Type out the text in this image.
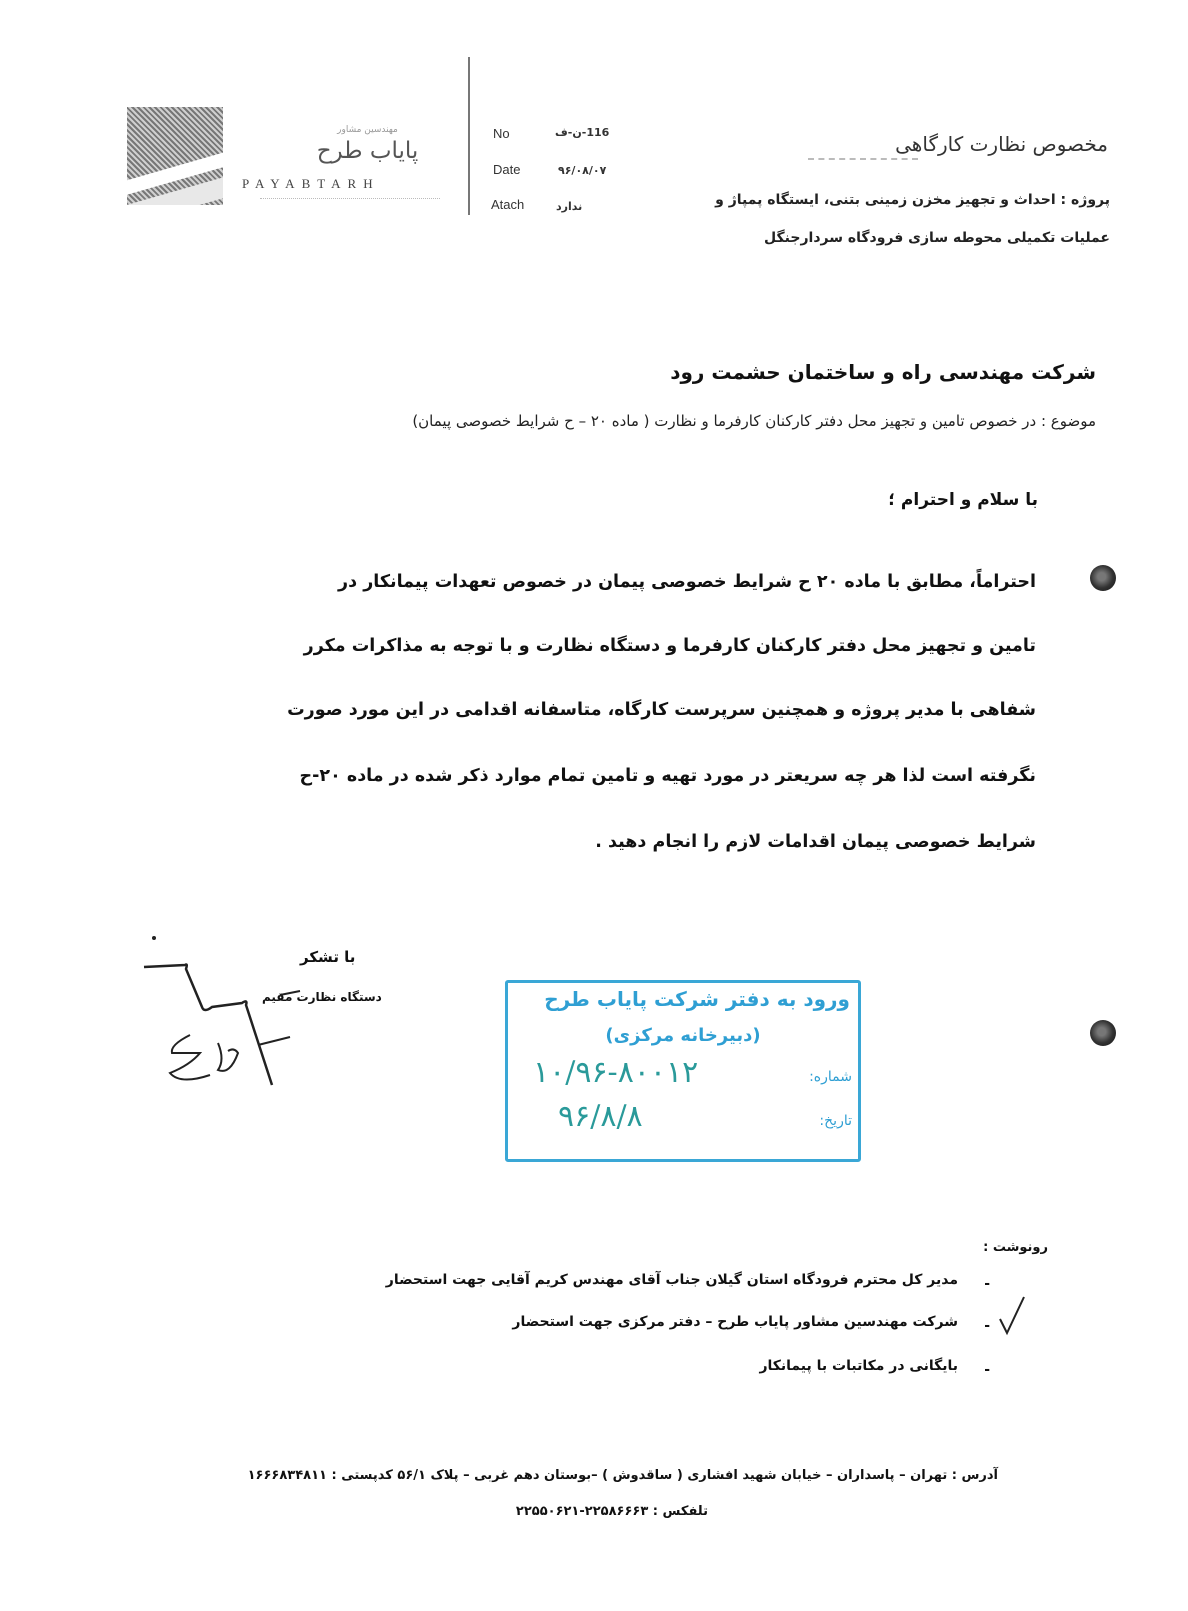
مهندسین مشاور
پایاب طرح
PAYABTARH
No	116-ن-ف
Date	۹۶/۰۸/۰۷
Atach	ندارد
مخصوص نظارت کارگاهی
پروژه : احداث و تجهیز مخزن زمینی بتنی، ایستگاه پمپاژ و
عملیات تکمیلی محوطه سازی فرودگاه سردارجنگل
شرکت مهندسی راه و ساختمان حشمت رود
موضوع : در خصوص تامین و تجهیز محل دفتر کارکنان کارفرما و نظارت ( ماده ۲۰ – ح شرایط خصوصی پیمان)
با سلام و احترام ؛
احتراماً، مطابق با ماده ۲۰ ح شرایط خصوصی پیمان در خصوص تعهدات پیمانکار در
تامین و تجهیز محل دفتر کارکنان کارفرما و دستگاه نظارت و با توجه به مذاکرات مکرر
شفاهی با مدیر پروژه و همچنین سرپرست کارگاه، متاسفانه اقدامی در این مورد صورت
نگرفته است لذا هر چه سریعتر در مورد تهیه و تامین تمام موارد ذکر شده در ماده ۲۰-ح
شرایط خصوصی پیمان اقدامات لازم را انجام دهید .
با تشکر
دستگاه نظارت مقیم	ورود به دفتر شرکت پایاب طرح
(دبیرخانه مرکزی)
شماره:
۱۰/۹۶-۸۰۰۱۲
تاریخ:
۹۶/۸/۸
رونوشت :
-
مدیر کل محترم فرودگاه استان گیلان جناب آقای مهندس کریم آقایی جهت استحضار
-
شرکت مهندسین مشاور پایاب طرح – دفتر مرکزی جهت استحضار
-
بایگانی در مکاتبات با پیمانکار
آدرس : تهران – پاسداران – خیابان شهید افشاری ( ساقدوش ) –بوستان دهم غربی – پلاک ۵۶/۱ کدپستی : ۱۶۶۶۸۳۴۸۱۱
تلفکس : ۲۲۵۸۶۶۶۳-۲۲۵۵۰۶۲۱
